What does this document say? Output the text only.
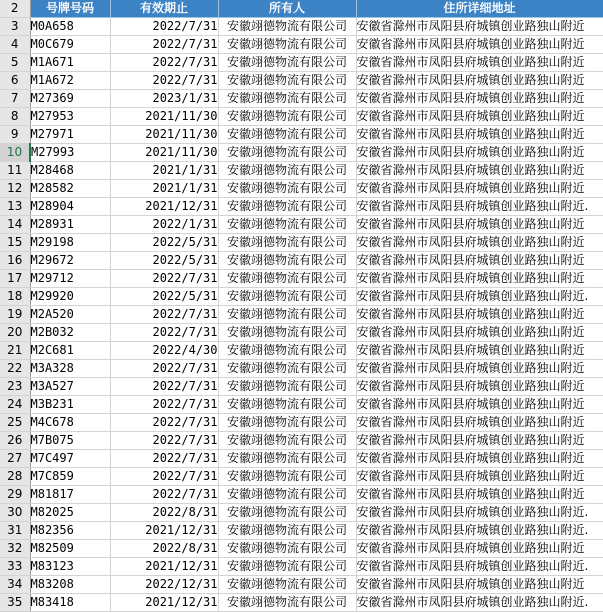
2	号牌号码	有效期止	所有人	住所详细地址
3	M0A658	2022/7/31	安徽翊德物流有限公司	安徽省滁州市凤阳县府城镇创业路独山附近
4	M0C679	2022/7/31	安徽翊德物流有限公司	安徽省滁州市凤阳县府城镇创业路独山附近
5	M1A671	2022/7/31	安徽翊德物流有限公司	安徽省滁州市凤阳县府城镇创业路独山附近
6	M1A672	2022/7/31	安徽翊德物流有限公司	安徽省滁州市凤阳县府城镇创业路独山附近
7	M27369	2023/1/31	安徽翊德物流有限公司	安徽省滁州市凤阳县府城镇创业路独山附近
8	M27953	2021/11/30	安徽翊德物流有限公司	安徽省滁州市凤阳县府城镇创业路独山附近
9	M27971	2021/11/30	安徽翊德物流有限公司	安徽省滁州市凤阳县府城镇创业路独山附近
10	M27993	2021/11/30	安徽翊德物流有限公司	安徽省滁州市凤阳县府城镇创业路独山附近
11	M28468	2021/1/31	安徽翊德物流有限公司	安徽省滁州市凤阳县府城镇创业路独山附近
12	M28582	2021/1/31	安徽翊德物流有限公司	安徽省滁州市凤阳县府城镇创业路独山附近
13	M28904	2021/12/31	安徽翊德物流有限公司	安徽省滁州市凤阳县府城镇创业路独山附近.
14	M28931	2022/1/31	安徽翊德物流有限公司	安徽省滁州市凤阳县府城镇创业路独山附近
15	M29198	2022/5/31	安徽翊德物流有限公司	安徽省滁州市凤阳县府城镇创业路独山附近
16	M29672	2022/5/31	安徽翊德物流有限公司	安徽省滁州市凤阳县府城镇创业路独山附近
17	M29712	2022/7/31	安徽翊德物流有限公司	安徽省滁州市凤阳县府城镇创业路独山附近
18	M29920	2022/5/31	安徽翊德物流有限公司	安徽省滁州市凤阳县府城镇创业路独山附近.
19	M2A520	2022/7/31	安徽翊德物流有限公司	安徽省滁州市凤阳县府城镇创业路独山附近
20	M2B032	2022/7/31	安徽翊德物流有限公司	安徽省滁州市凤阳县府城镇创业路独山附近
21	M2C681	2022/4/30	安徽翊德物流有限公司	安徽省滁州市凤阳县府城镇创业路独山附近
22	M3A328	2022/7/31	安徽翊德物流有限公司	安徽省滁州市凤阳县府城镇创业路独山附近
23	M3A527	2022/7/31	安徽翊德物流有限公司	安徽省滁州市凤阳县府城镇创业路独山附近
24	M3B231	2022/7/31	安徽翊德物流有限公司	安徽省滁州市凤阳县府城镇创业路独山附近
25	M4C678	2022/7/31	安徽翊德物流有限公司	安徽省滁州市凤阳县府城镇创业路独山附近
26	M7B075	2022/7/31	安徽翊德物流有限公司	安徽省滁州市凤阳县府城镇创业路独山附近
27	M7C497	2022/7/31	安徽翊德物流有限公司	安徽省滁州市凤阳县府城镇创业路独山附近
28	M7C859	2022/7/31	安徽翊德物流有限公司	安徽省滁州市凤阳县府城镇创业路独山附近
29	M81817	2022/7/31	安徽翊德物流有限公司	安徽省滁州市凤阳县府城镇创业路独山附近
30	M82025	2022/8/31	安徽翊德物流有限公司	安徽省滁州市凤阳县府城镇创业路独山附近.
31	M82356	2021/12/31	安徽翊德物流有限公司	安徽省滁州市凤阳县府城镇创业路独山附近.
32	M82509	2022/8/31	安徽翊德物流有限公司	安徽省滁州市凤阳县府城镇创业路独山附近
33	M83123	2021/12/31	安徽翊德物流有限公司	安徽省滁州市凤阳县府城镇创业路独山附近.
34	M83208	2022/12/31	安徽翊德物流有限公司	安徽省滁州市凤阳县府城镇创业路独山附近
35	M83418	2021/12/31	安徽翊德物流有限公司	安徽省滁州市凤阳县府城镇创业路独山附近.
